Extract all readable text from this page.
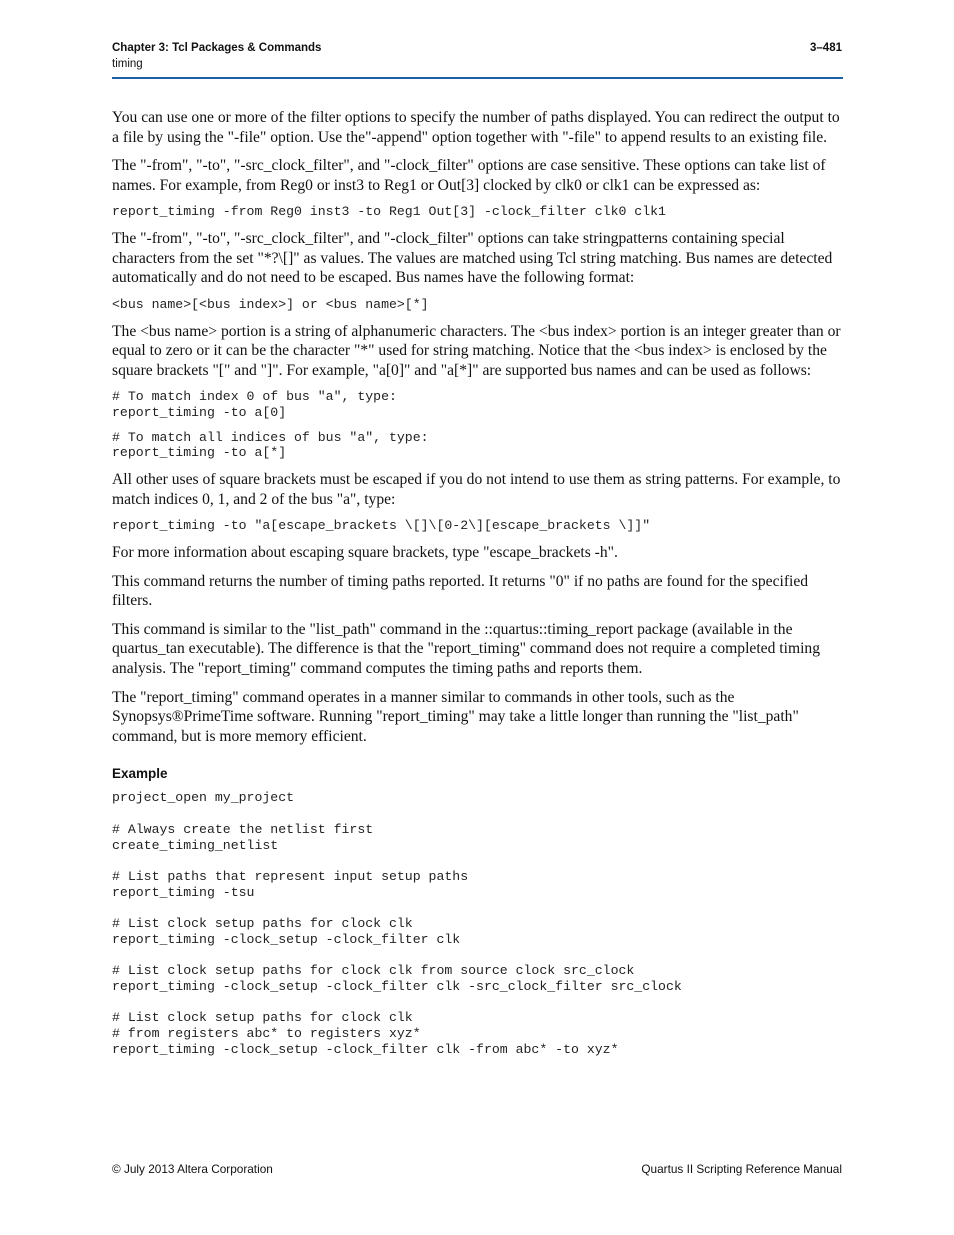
Chapter 3: Tcl Packages & Commands	3–481
timing

You can use one or more of the filter options to specify the number of paths displayed. You can redirect the output to a file by using the "-file" option. Use the"-append" option together with "-file" to append results to an existing file.

The "-from", "-to", "-src_clock_filter", and "-clock_filter" options are case sensitive. These options can take list of names. For example, from Reg0 or inst3 to Reg1 or Out[3] clocked by clk0 or clk1 can be expressed as:

report_timing -from Reg0 inst3 -to Reg1 Out[3] -clock_filter clk0 clk1

The "-from", "-to", "-src_clock_filter", and "-clock_filter" options can take stringpatterns containing special characters from the set "*?\[]" as values. The values are matched using Tcl string matching. Bus names are detected automatically and do not need to be escaped. Bus names have the following format:

<bus name>[<bus index>] or <bus name>[*]

The <bus name> portion is a string of alphanumeric characters. The <bus index> portion is an integer greater than or equal to zero or it can be the character "*" used for string matching. Notice that the <bus index> is enclosed by the square brackets "[" and "]". For example, "a[0]" and "a[*]" are supported bus names and can be used as follows:

# To match index 0 of bus "a", type:
report_timing -to a[0]
# To match all indices of bus "a", type:
report_timing -to a[*]

All other uses of square brackets must be escaped if you do not intend to use them as string patterns. For example, to match indices 0, 1, and 2 of the bus "a", type:

report_timing -to "a[escape_brackets \[]\[0-2\][escape_brackets \]]"

For more information about escaping square brackets, type "escape_brackets -h".

This command returns the number of timing paths reported. It returns "0" if no paths are found for the specified filters.

This command is similar to the "list_path" command in the ::quartus::timing_report package (available in the quartus_tan executable). The difference is that the "report_timing" command does not require a completed timing analysis. The "report_timing" command computes the timing paths and reports them.

The "report_timing" command operates in a manner similar to commands in other tools, such as the Synopsys®PrimeTime software. Running "report_timing" may take a little longer than running the "list_path" command, but is more memory efficient.

Example
project_open my_project

# Always create the netlist first
create_timing_netlist

# List paths that represent input setup paths
report_timing -tsu

# List clock setup paths for clock clk
report_timing -clock_setup -clock_filter clk

# List clock setup paths for clock clk from source clock src_clock
report_timing -clock_setup -clock_filter clk -src_clock_filter src_clock

# List clock setup paths for clock clk
# from registers abc* to registers xyz*
report_timing -clock_setup -clock_filter clk -from abc* -to xyz*
© July 2013 Altera Corporation	Quartus II Scripting Reference Manual
